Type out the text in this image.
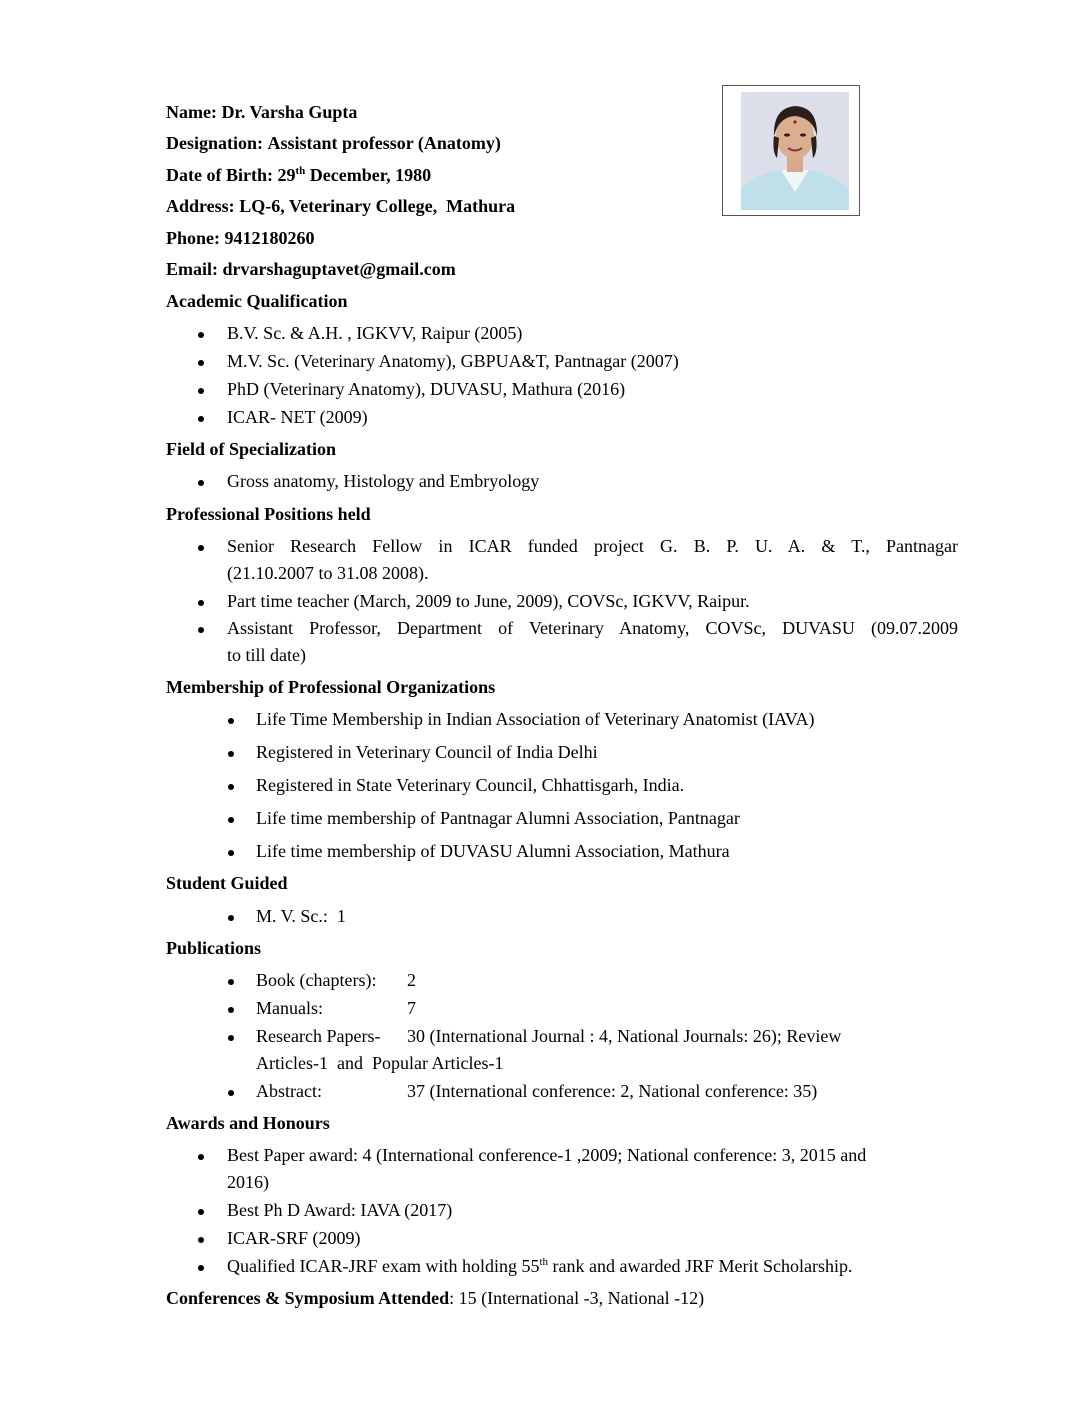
Name: Dr. Varsha Gupta
Designation: Assistant professor (Anatomy)
Date of Birth: 29th December, 1980
Address: LQ-6, Veterinary College,  Mathura
Phone: 9412180260
Email: drvarshaguptavet@gmail.com
Academic Qualification
B.V. Sc. & A.H. , IGKVV, Raipur (2005)
M.V. Sc. (Veterinary Anatomy), GBPUA&T, Pantnagar (2007)
PhD (Veterinary Anatomy), DUVASU, Mathura (2016)
ICAR- NET (2009)
Field of Specialization
Gross anatomy, Histology and Embryology
Professional Positions held
Senior Research Fellow in ICAR funded project G. B. P. U. A. & T., Pantnagar
(21.10.2007 to 31.08 2008).
Part time teacher (March, 2009 to June, 2009), COVSc, IGKVV, Raipur.
Assistant Professor, Department of Veterinary Anatomy, COVSc, DUVASU (09.07.2009
to till date)
Membership of Professional Organizations
Life Time Membership in Indian Association of Veterinary Anatomist (IAVA)
Registered in Veterinary Council of India Delhi
Registered in State Veterinary Council, Chhattisgarh, India.
Life time membership of Pantnagar Alumni Association, Pantnagar
Life time membership of DUVASU Alumni Association, Mathura
Student Guided
M. V. Sc.:  1
Publications
Book (chapters): 2
Manuals:	7
Research Papers- 30 (International Journal : 4, National Journals: 26); Review
Articles-1  and  Popular Articles-1
Abstract:	37 (International conference: 2, National conference: 35)
Awards and Honours
Best Paper award: 4 (International conference-1 ,2009; National conference: 3, 2015 and
2016)
Best Ph D Award: IAVA (2017)
ICAR-SRF (2009)
Qualified ICAR-JRF exam with holding 55th rank and awarded JRF Merit Scholarship.
Conferences & Symposium Attended: 15 (International -3, National -12)
